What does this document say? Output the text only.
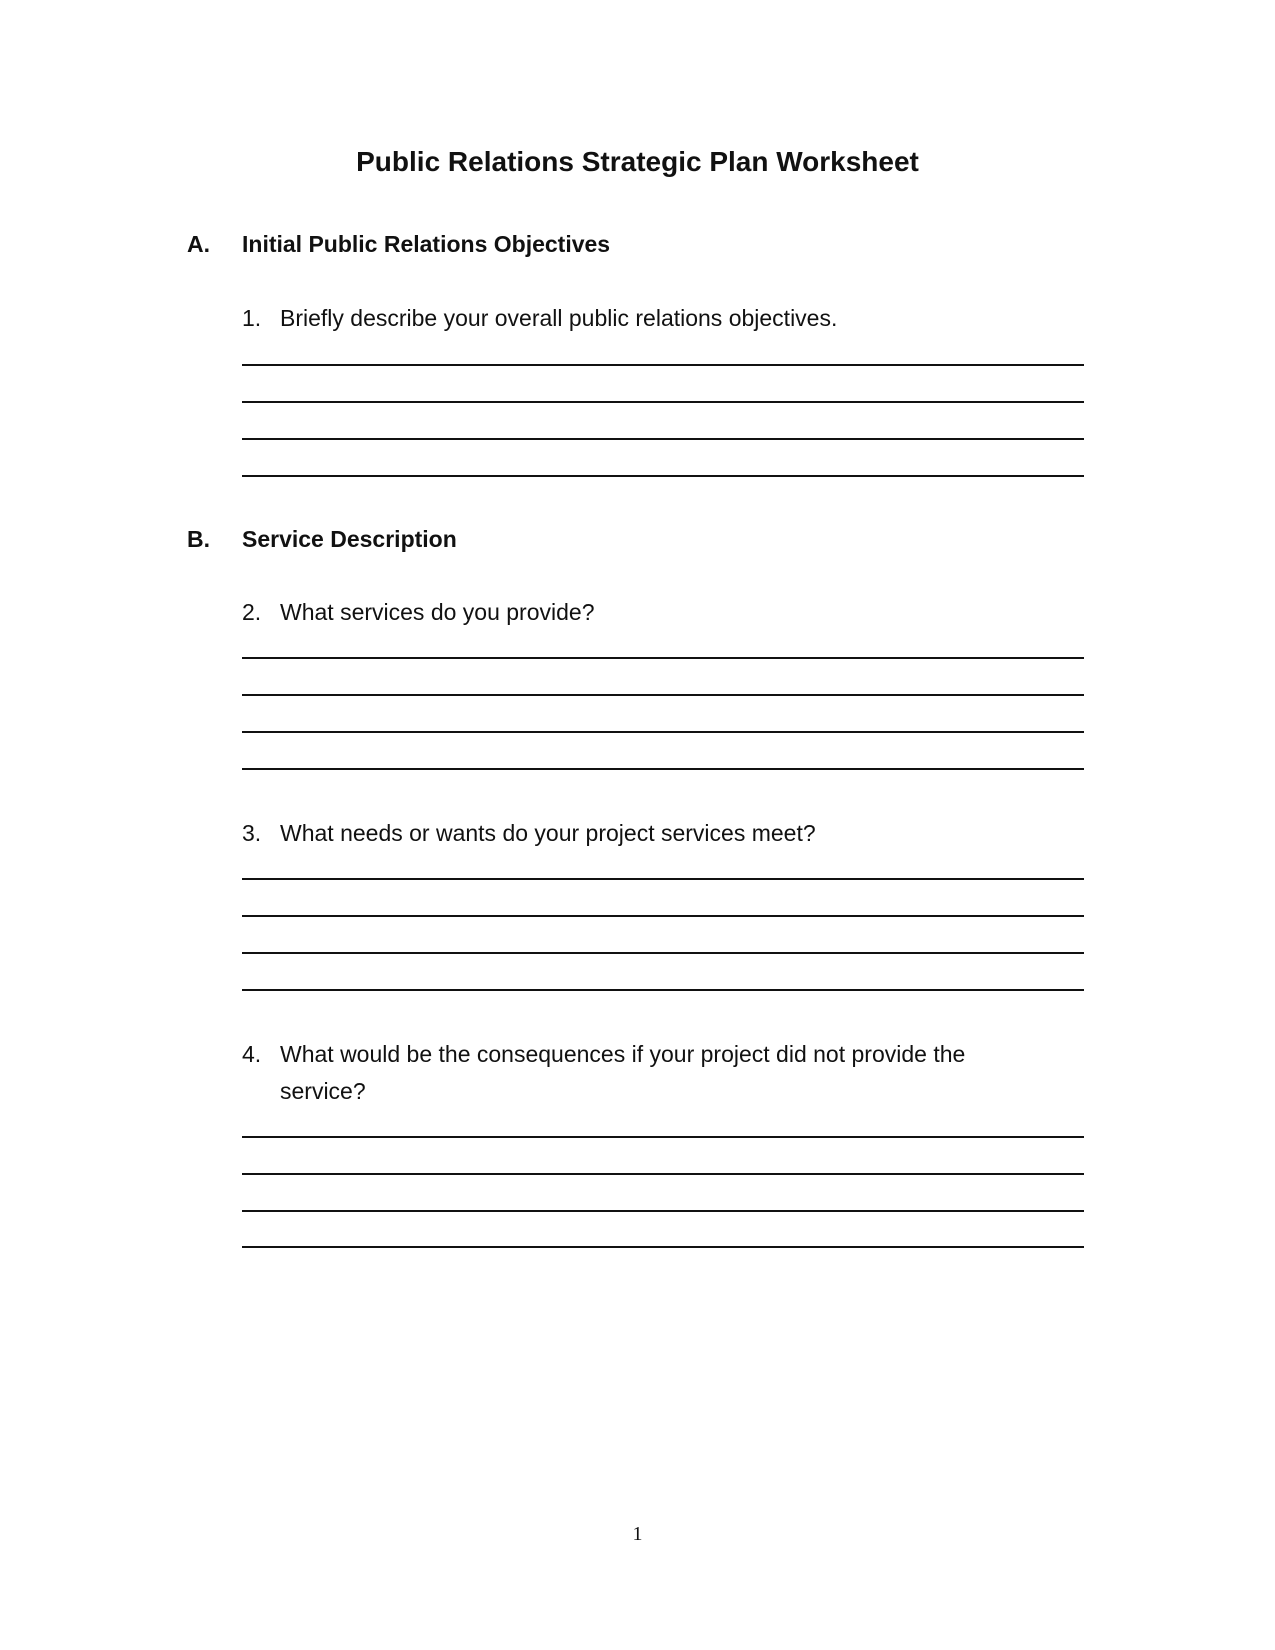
Public Relations Strategic Plan Worksheet
A. Initial Public Relations Objectives
1. Briefly describe your overall public relations objectives.
B. Service Description
2. What services do you provide?
3. What needs or wants do your project services meet?
4. What would be the consequences if your project did not provide the service?
1
